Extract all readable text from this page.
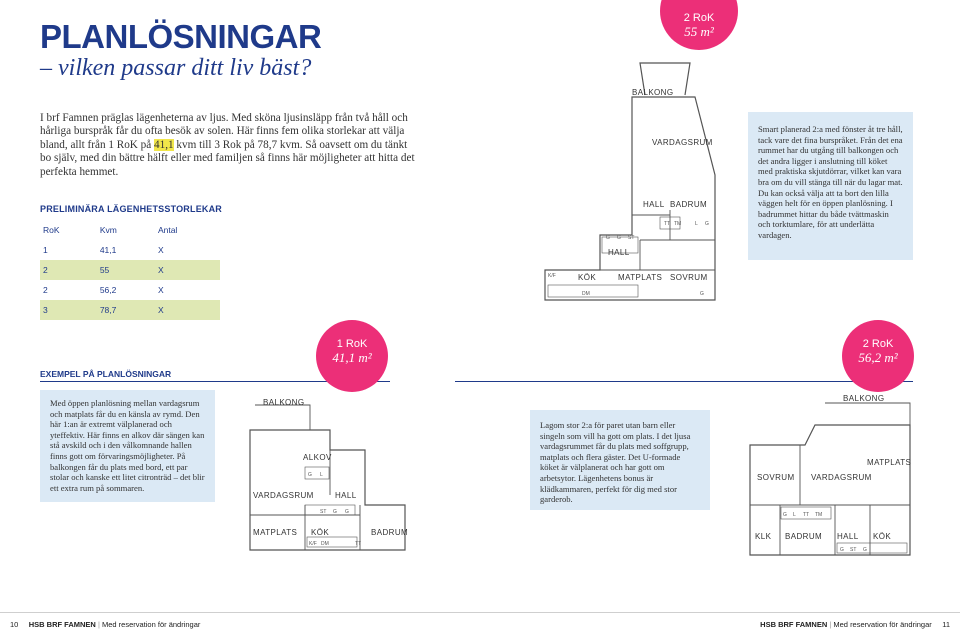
PLANLÖSNINGAR
– vilken passar ditt liv bäst?
I brf Famnen präglas lägenheterna av ljus. Med sköna ljusinsläpp från två håll och hårliga burspråk får du ofta besök av solen. Här finns fem olika storlekar att välja bland, allt från 1 RoK på 41,1 kvm till 3 Rok på 78,7 kvm. Så oavsett om du tänkt bo själv, med din bättre hälft eller med familjen så finns här möjligheter att hitta det perfekta hemmet.
PRELIMINÄRA LÄGENHETSSTORLEKAR
RoK	Kvm	Antal
1	41,1	X
2	55	X
2	56,2	X
3	78,7	X
2 RoK
55 m²
BALKONG
VARDAGSRUM
HALL BADRUM
HALL
KÖK	MATPLATS SOVRUM
G G ST
TT TM	L G
K/F
DM	G
Smart planerad 2:a med fönster åt tre håll, tack vare det fina burspråket. Från det ena rummet har du utgång till balkongen och det andra ligger i anslutning till köket med praktiska skjutdörrar, vilket kan vara bra om du vill stänga till när du lagar mat. Du kan också välja att ta bort den lilla väggen helt för en öppen planlösning. I badrummet hittar du både tvättmaskin och torktumlare, för att underlätta vardagen.
EXEMPEL PÅ PLANLÖSNINGAR
1 RoK
41,1 m²
2 RoK
56,2 m²
Med öppen planlösning mellan vardagsrum och matplats får du en känsla av rymd. Den här 1:an är extremt välplanerad och yteffektiv. Här finns en alkov där sängen kan stå avskild och i den vålkomnande hallen finns gott om förvaringsmöjligheter. På balkongen får du plats med bord, ett par stolar och kanske ett litet citronträd – det blir ett extra rum på sommaren.
Lagom stor 2:a för paret utan barn eller singeln som vill ha gott om plats. I det ljusa vardagsrummet får du plats med soffgrupp, matplats och flera gäster. Det U-formade köket är välplanerat och har gott om arbetsytor. Lägenhetens bonus är klädkammaren, perfekt för dig med stor garderob.
BALKONG
ALKOV
VARDAGSRUM	HALL
MATPLATS KÖK	BADRUM
G L
ST G G
K/F DM	TT
BALKONG
MATPLATS
SOVRUM VARDAGSRUM
KLK BADRUM HALL KÖK
G L TT TM
G ST G
10 HSB BRF FAMNEN | Med reservation för ändringar	HSB BRF FAMNEN | Med reservation för ändringar 11
